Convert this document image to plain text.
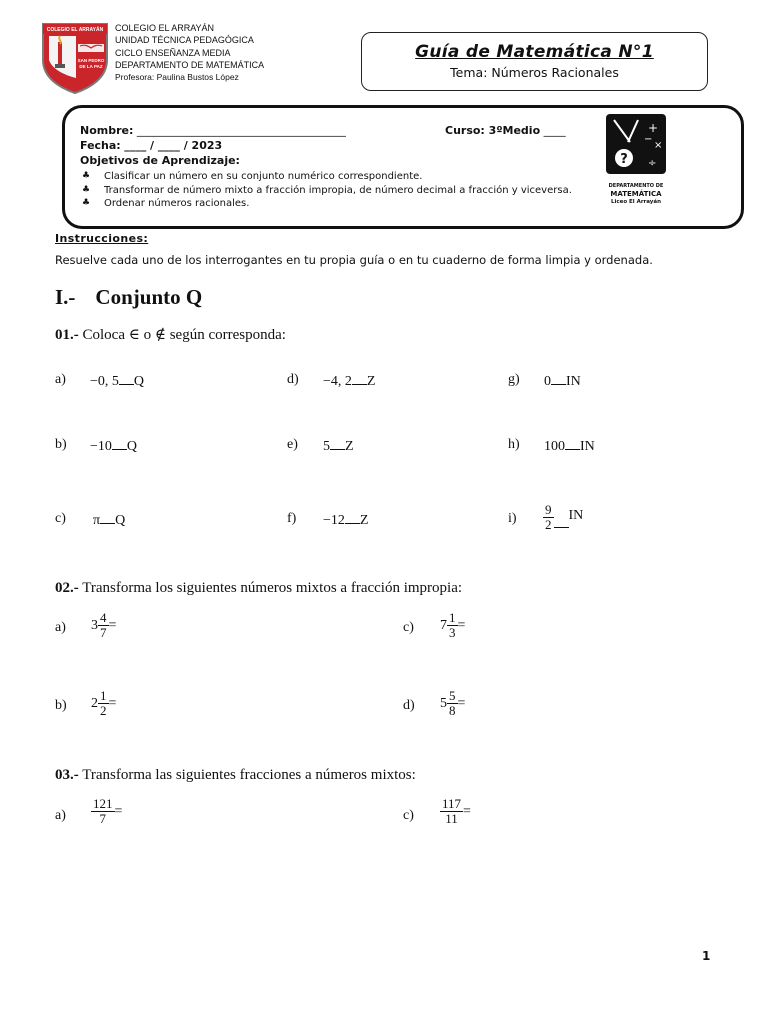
COLEGIO EL ARRAYÁN
SAN PEDRO
DE LA PAZ
COLEGIO EL ARRAYÁN
UNIDAD TÉCNICA PEDAGÓGICA
CICLO ENSEÑANZA MEDIA
DEPARTAMENTO DE MATEMÁTICA
Profesora: Paulina Bustos López
Guía de Matemática N°1
Tema: Números Racionales
Nombre: ______________________________________	Curso: 3ºMedio ____
Fecha: ____ / ____ / 2023
Objetivos de Aprendizaje:
♣	Clasificar un número en su conjunto numérico correspondiente.
♣	Transformar de número mixto a fracción impropia, de número decimal a fracción y viceversa.
♣	Ordenar números racionales.
?
+
×
÷
−
DEPARTAMENTO DE
MATEMÁTICA
Liceo El Arrayán
Instrucciones:
Resuelve cada uno de los interrogantes en tu propia guía o en tu cuaderno de forma limpia y ordenada.
I.- Conjunto Q
01.- Coloca ∈ o ∉ según corresponda:
a) −0, 5 Q	d) −4, 2 Z	g) 0 IN
b) −10 Q	e) 5 Z	h) 100 IN
c) π Q	f) −12 Z	$i) \frac{9}{2}$ IN
02.- Transforma los siguientes números mixtos a fracción impropia:
a) $3 \frac{4}{7}$ =	c) $7 \frac{1}{3}$ =
b) $2 \frac{1}{2}$ =	d) $5 \frac{5}{8}$ =
03.- Transforma las siguientes fracciones a números mixtos:
$a) \frac{121}{7}$ =	$c) \frac{117}{11}$ =
1
